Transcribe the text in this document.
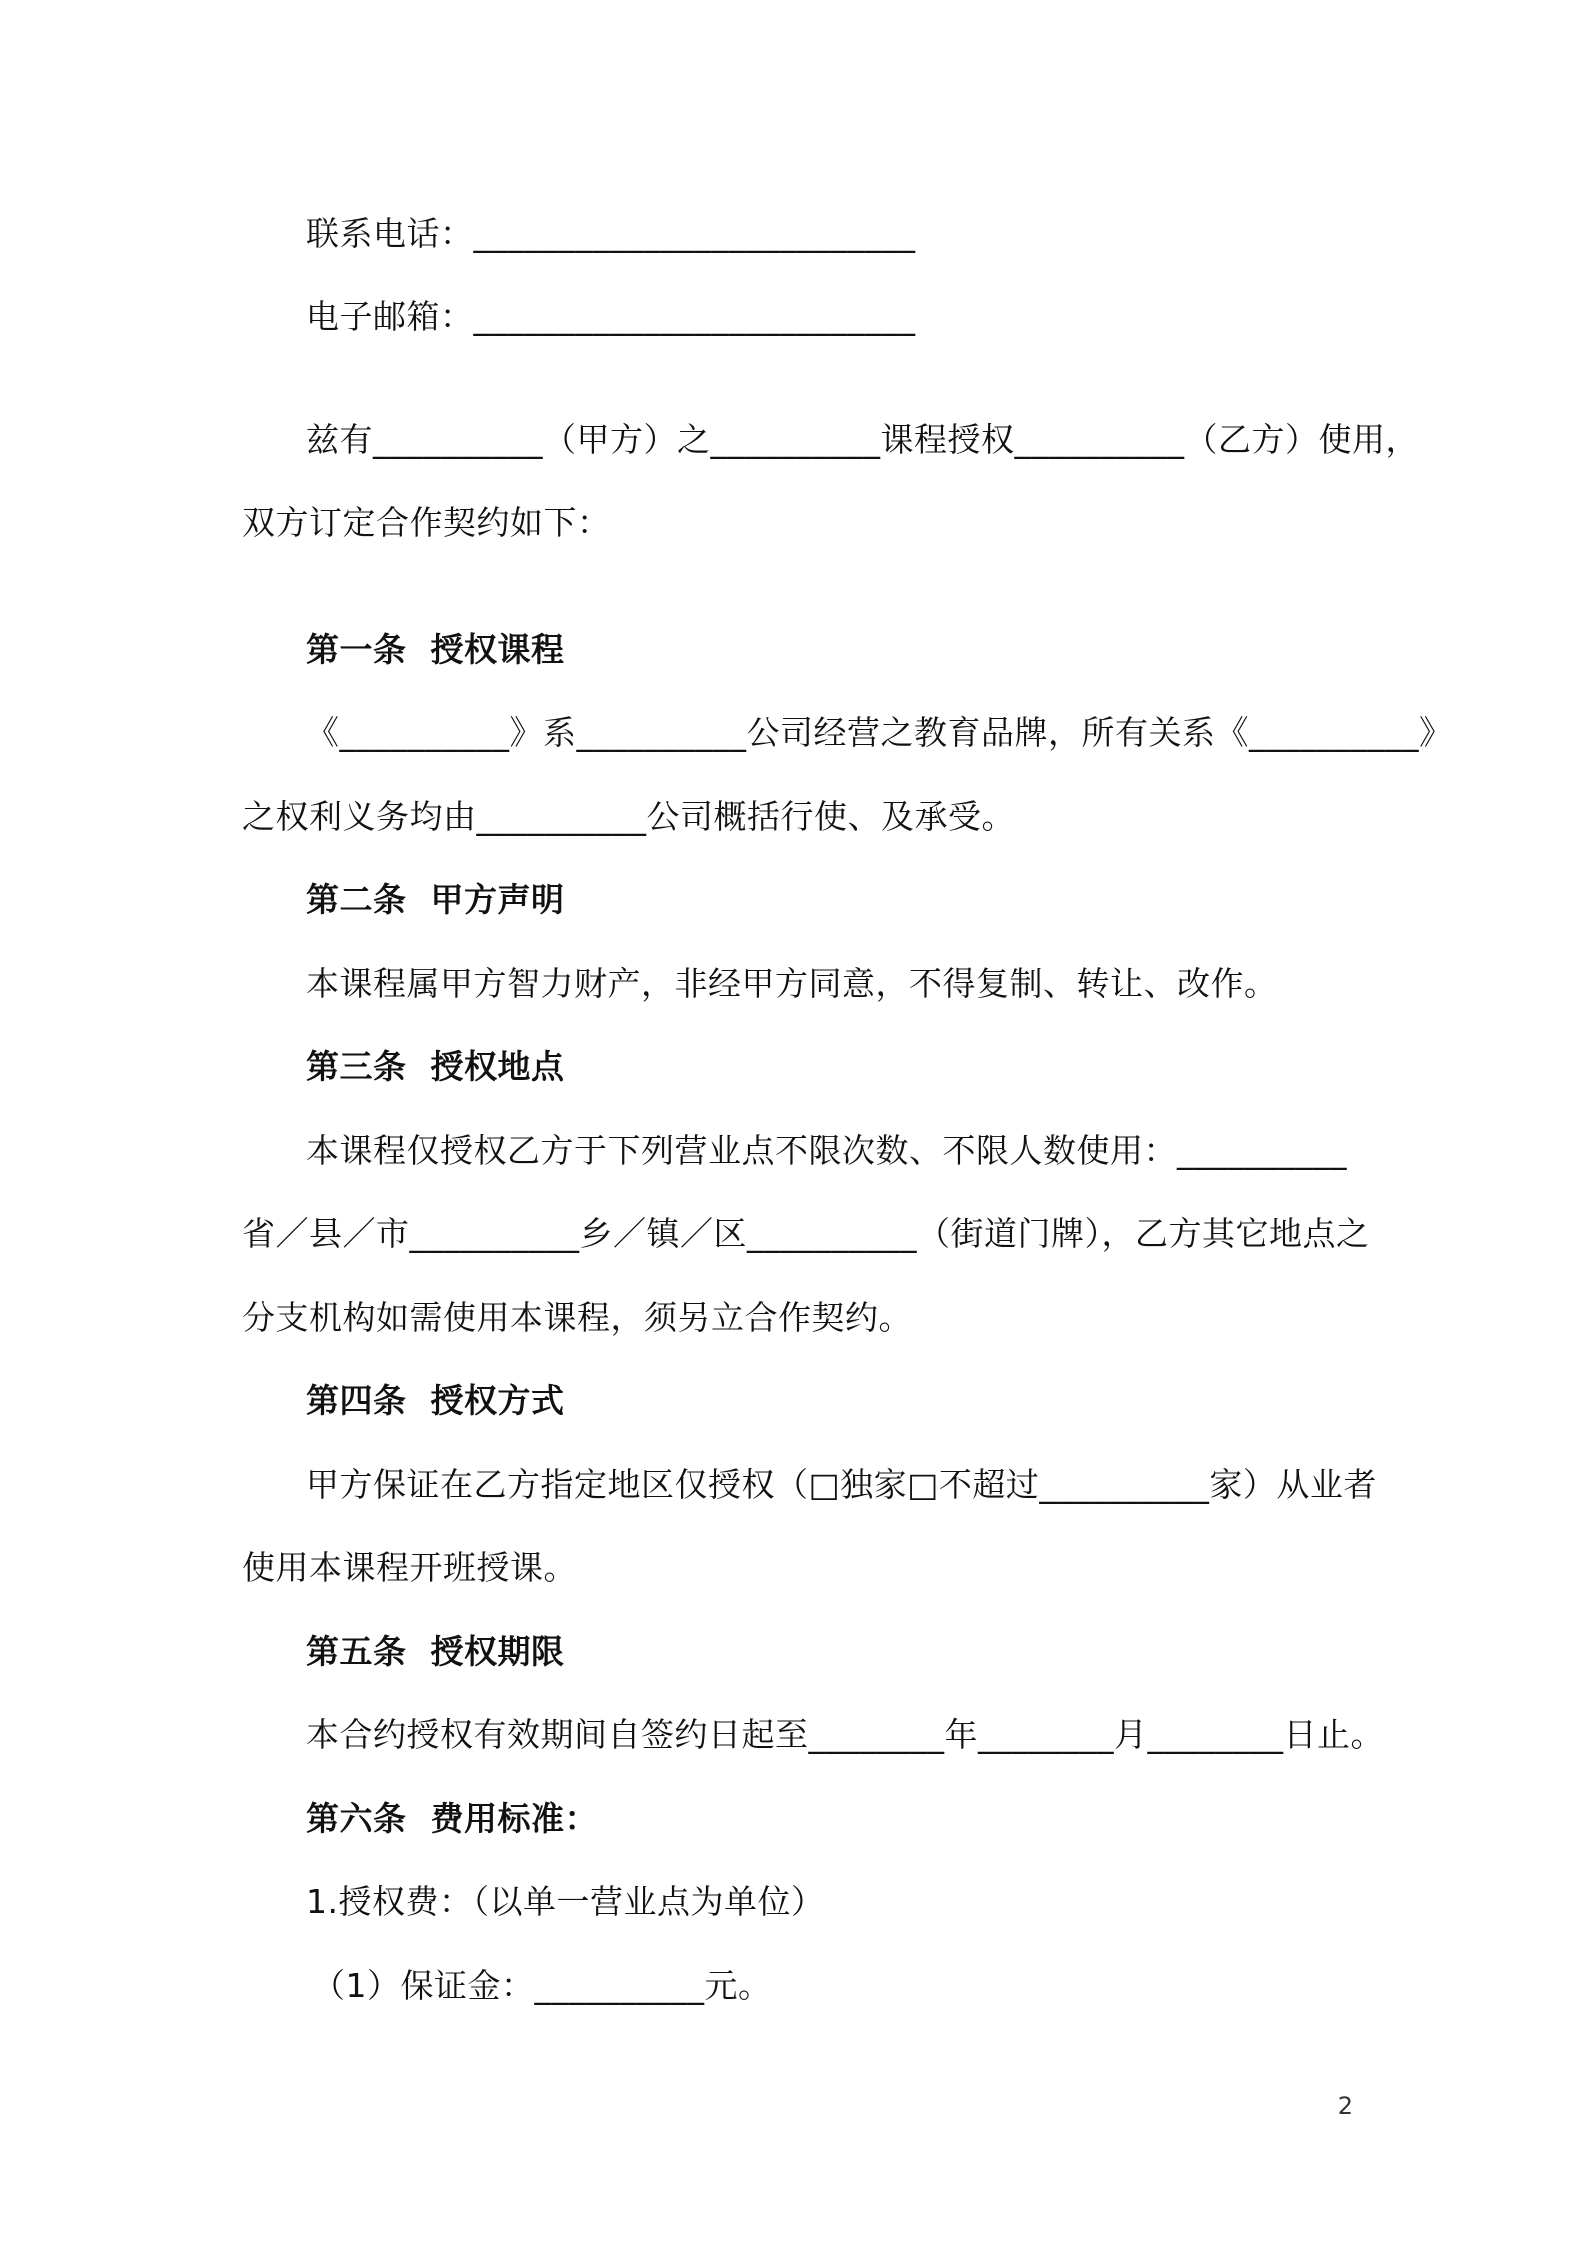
联系电话：__________________________
电子邮箱：__________________________
兹有__________（甲方）之__________课程授权__________（乙方）使用，
双方订定合作契约如下：
第一条  授权课程
《__________》系__________公司经营之教育品牌，所有关系《__________》
之权利义务均由__________公司概括行使、及承受。
第二条  甲方声明
本课程属甲方智力财产，非经甲方同意，不得复制、转让、改作。
第三条  授权地点
本课程仅授权乙方于下列营业点不限次数、不限人数使用：__________
省／县／市__________乡／镇／区__________（街道门牌），乙方其它地点之
分支机构如需使用本课程，须另立合作契约。
第四条  授权方式
甲方保证在乙方指定地区仅授权（□独家□不超过__________家）从业者
使用本课程开班授课。
第五条  授权期限
本合约授权有效期间自签约日起至________年________月________日止。
第六条  费用标准：
1.授权费：（以单一营业点为单位）
（1）保证金：__________元。
2
